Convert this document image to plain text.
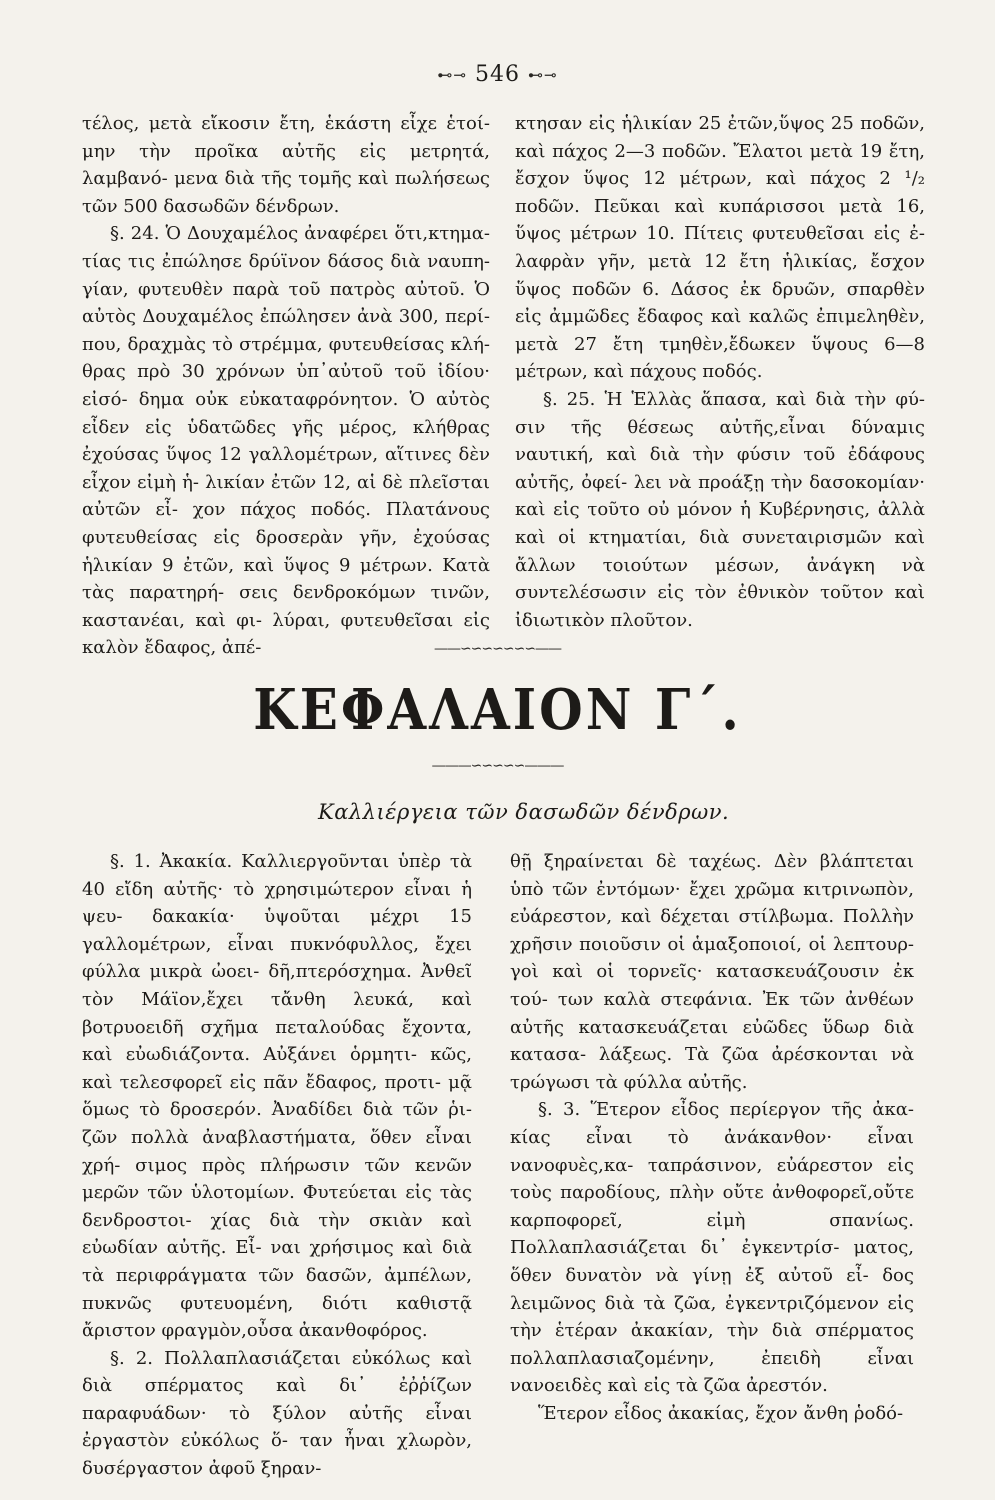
⊷⊸ 546 ⊷⊸

τέλος, μετὰ εἴκοσιν ἔτη, ἑκάστη εἶχε ἑτοί- μην τὴν προῖκα αὐτῆς εἰς μετρητά, λαμβανό- μενα διὰ τῆς τομῆς καὶ πωλήσεως τῶν 500 δασωδῶν δένδρων.

§. 24. Ὁ Δουχαμέλος ἀναφέρει ὅτι,κτημα- τίας τις ἐπώλησε δρύϊνον δάσος διὰ ναυπη- γίαν, φυτευθὲν παρὰ τοῦ πατρὸς αὐτοῦ. Ὁ αὐτὸς Δουχαμέλος ἐπώλησεν ἀνὰ 300, περί- που, δραχμὰς τὸ στρέμμα, φυτευθείσας κλή- θρας πρὸ 30 χρόνων ὑπ᾽αὐτοῦ τοῦ ἰδίου· εἰσό- δημα οὐκ εὐκαταφρόνητον. Ὁ αὐτὸς εἶδεν εἰς ὑδατῶδες γῆς μέρος, κλήθρας ἐχούσας ὕψος 12 γαλλομέτρων, αἵτινες δὲν εἶχον εἰμὴ ἡ- λικίαν ἐτῶν 12, αἱ δὲ πλεῖσται αὐτῶν εἶ- χον πάχος ποδός. Πλατάνους φυτευθείσας εἰς δροσερὰν γῆν, ἐχούσας ἡλικίαν 9 ἐτῶν, καὶ ὕψος 9 μέτρων. Κατὰ τὰς παρατηρή- σεις δενδροκόμων τινῶν, καστανέαι, καὶ φι- λύραι, φυτευθεῖσαι εἰς καλὸν ἔδαφος, ἀπέ-

κτησαν εἰς ἡλικίαν 25 ἐτῶν,ὕψος 25 ποδῶν, καὶ πάχος 2—3 ποδῶν. Ἔλατοι μετὰ 19 ἔτη, ἔσχον ὕψος 12 μέτρων, καὶ πάχος 2 ¹/₂ ποδῶν. Πεῦκαι καὶ κυπάρισσοι μετὰ 16, ὕψος μέτρων 10. Πίτεις φυτευθεῖσαι εἰς ἐ- λαφρὰν γῆν, μετὰ 12 ἔτη ἡλικίας, ἔσχον ὕψος ποδῶν 6. Δάσος ἐκ δρυῶν, σπαρθὲν εἰς ἀμμῶδες ἔδαφος καὶ καλῶς ἐπιμεληθὲν, μετὰ 27 ἔτη τμηθὲν,ἔδωκεν ὕψους 6—8 μέτρων, καὶ πάχους ποδός.

§. 25. Ἡ Ἑλλὰς ἅπασα, καὶ διὰ τὴν φύ- σιν τῆς θέσεως αὐτῆς,εἶναι δύναμις ναυτική, καὶ διὰ τὴν φύσιν τοῦ ἐδάφους αὐτῆς, ὀφεί- λει νὰ προάξῃ τὴν δασοκομίαν· καὶ εἰς τοῦτο οὐ μόνον ἡ Κυβέρνησις, ἀλλὰ καὶ οἱ κτηματίαι, διὰ συνεταιρισμῶν καὶ ἄλλων τοιούτων μέσων, ἀνάγκη νὰ συντελέσωσιν εἰς τὸν ἐθνικὸν τοῦτον καὶ ἰδιωτικὸν πλοῦτον.

——∽∽∽∽∽∽∽——
ΚΕΦΑΛΑΙΟΝ Γ΄.
———∽∽∽∽∽———
Καλλιέργεια τῶν δασωδῶν δένδρων.

§. 1. Ἀκακία. Καλλιεργοῦνται ὑπὲρ τὰ 40 εἴδη αὐτῆς· τὸ χρησιμώτερον εἶναι ἡ ψευ- δακακία· ὑψοῦται μέχρι 15 γαλλομέτρων, εἶναι πυκνόφυλλος, ἔχει φύλλα μικρὰ ὠοει- δῆ,πτερόσχημα. Ἀνθεῖ τὸν Μάϊον,ἔχει τἄνθη λευκά, καὶ βοτρυοειδῆ σχῆμα πεταλούδας ἔχοντα, καὶ εὐωδιάζοντα. Αὐξάνει ὁρμητι- κῶς, καὶ τελεσφορεῖ εἰς πᾶν ἔδαφος, προτι- μᾷ ὅμως τὸ δροσερόν. Ἀναδίδει διὰ τῶν ῥι- ζῶν πολλὰ ἀναβλαστήματα, ὅθεν εἶναι χρή- σιμος πρὸς πλήρωσιν τῶν κενῶν μερῶν τῶν ὑλοτομίων. Φυτεύεται εἰς τὰς δενδροστοι- χίας διὰ τὴν σκιὰν καὶ εὐωδίαν αὐτῆς. Εἶ- ναι χρήσιμος καὶ διὰ τὰ περιφράγματα τῶν δασῶν, ἀμπέλων, πυκνῶς φυτευομένη, διότι καθιστᾷ ἄριστον φραγμὸν,οὖσα ἀκανθοφόρος.

§. 2. Πολλαπλασιάζεται εὐκόλως καὶ διὰ σπέρματος καὶ δι᾽ ἐῤῥίζων παραφυάδων· τὸ ξύλον αὐτῆς εἶναι ἐργαστὸν εὐκόλως ὅ- ταν ἦναι χλωρὸν, δυσέργαστον ἀφοῦ ξηραν-

θῇ ξηραίνεται δὲ ταχέως. Δὲν βλάπτεται ὑπὸ τῶν ἐντόμων· ἔχει χρῶμα κιτρινωπὸν, εὐάρεστον, καὶ δέχεται στίλβωμα. Πολλὴν χρῆσιν ποιοῦσιν οἱ ἁμαξοποιοί, οἱ λεπτουρ- γοὶ καὶ οἱ τορνεῖς· κατασκευάζουσιν ἐκ τού- των καλὰ στεφάνια. Ἐκ τῶν ἀνθέων αὐτῆς κατασκευάζεται εὐῶδες ὕδωρ διὰ κατασα- λάξεως. Τὰ ζῶα ἀρέσκονται νὰ τρώγωσι τὰ φύλλα αὐτῆς.

§. 3. Ἕτερον εἶδος περίεργον τῆς ἀκα- κίας εἶναι τὸ ἀνάκανθον· εἶναι νανοφυὲς,κα- ταπράσινον, εὐάρεστον εἰς τοὺς παροδίους, πλὴν οὔτε ἀνθοφορεῖ,οὔτε καρποφορεῖ, εἰμὴ	σπανίως. Πολλαπλασιάζεται δι᾽ ἐγκεντρίσ- ματος, ὅθεν δυνατὸν νὰ γίνῃ ἐξ αὐτοῦ εἶ- δος λειμῶνος διὰ τὰ ζῶα, ἐγκεντριζόμενον εἰς τὴν ἑτέραν ἀκακίαν, τὴν διὰ σπέρματος πολλαπλασιαζομένην, ἐπειδὴ εἶναι νανοειδὲς καὶ εἰς τὰ ζῶα ἀρεστόν.

Ἕτερον εἶδος ἀκακίας, ἔχον ἄνθη ῥοδό-
